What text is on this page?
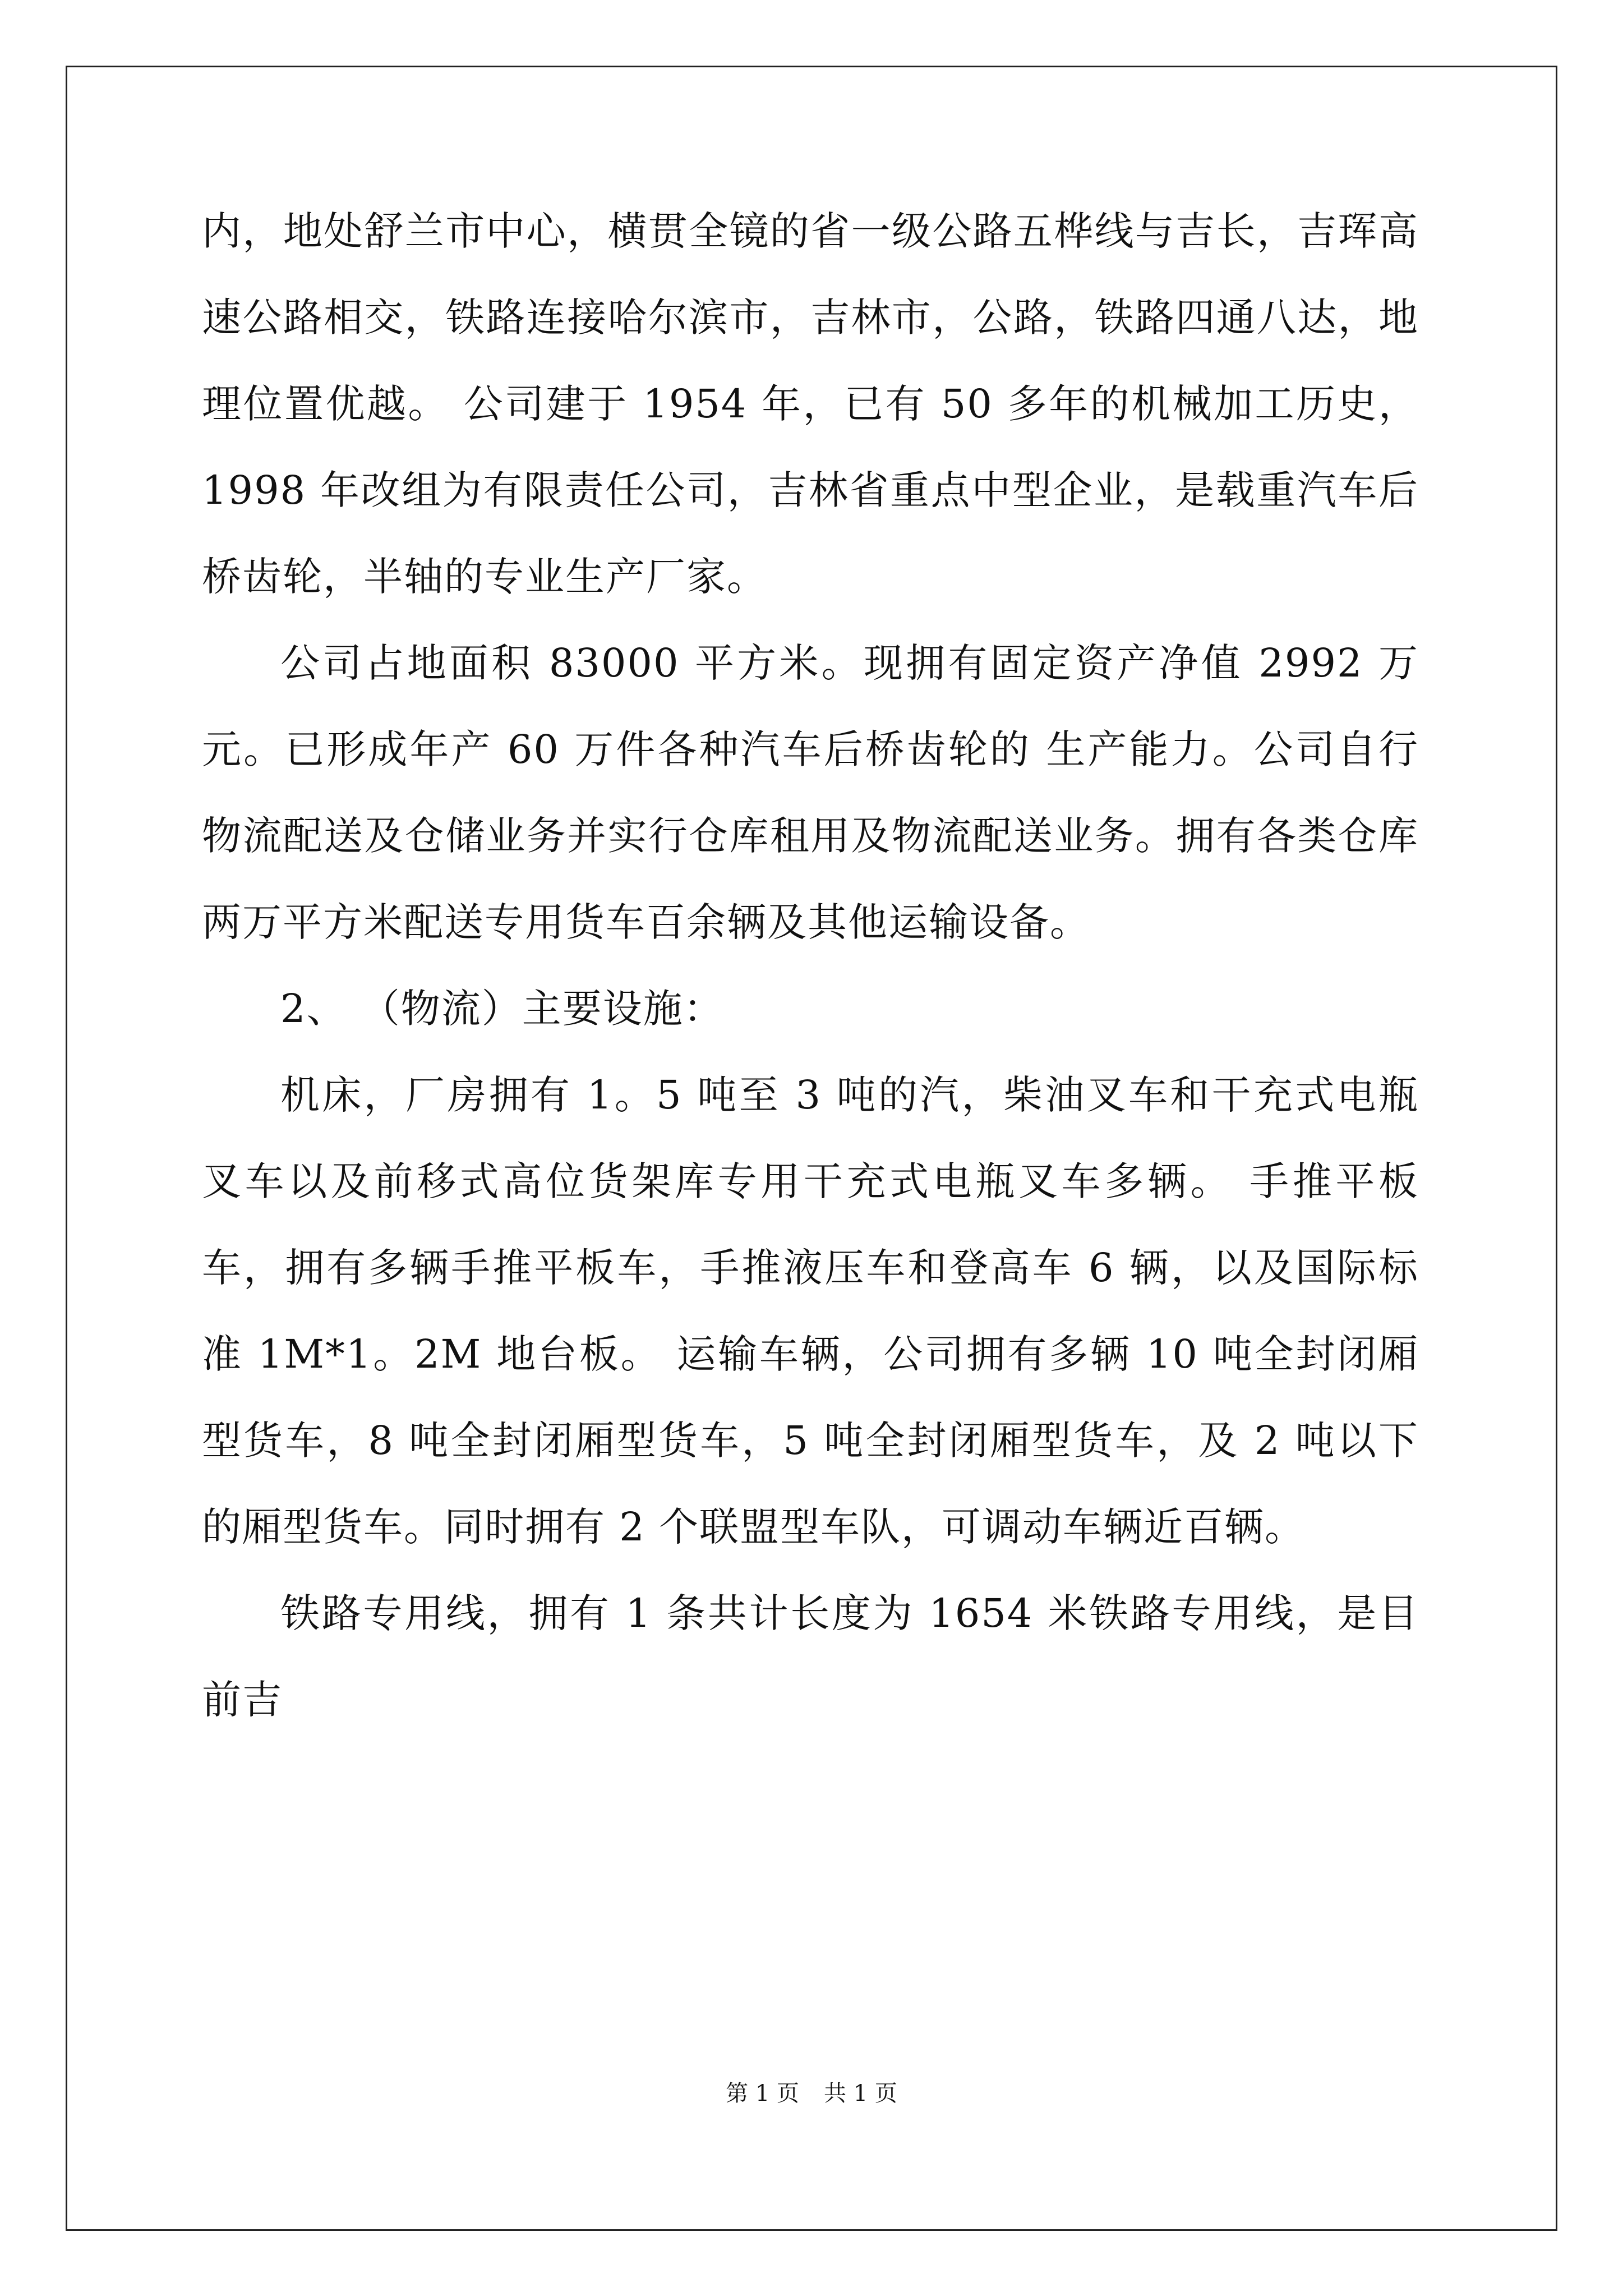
内，地处舒兰市中心，横贯全镜的省一级公路五桦线与吉长，吉珲高速公路相交，铁路连接哈尔滨市，吉林市，公路，铁路四通八达，地理位置优越。 公司建于 1954 年，已有 50 多年的机械加工历史，1998 年改组为有限责任公司，吉林省重点中型企业，是载重汽车后桥齿轮，半轴的专业生产厂家。

公司占地面积 83000 平方米。现拥有固定资产净值 2992 万元。已形成年产 60 万件各种汽车后桥齿轮的 生产能力。公司自行物流配送及仓储业务并实行仓库租用及物流配送业务。拥有各类仓库两万平方米配送专用货车百余辆及其他运输设备。

2、 （物流）主要设施：

机床，厂房拥有 1。5 吨至 3 吨的汽，柴油叉车和干充式电瓶叉车以及前移式高位货架库专用干充式电瓶叉车多辆。 手推平板车，拥有多辆手推平板车，手推液压车和登高车 6 辆，以及国际标准 1M*1。2M 地台板。 运输车辆，公司拥有多辆 10 吨全封闭厢型货车，8 吨全封闭厢型货车，5 吨全封闭厢型货车，及 2 吨以下的厢型货车。同时拥有 2 个联盟型车队，可调动车辆近百辆。

铁路专用线，拥有 1 条共计长度为 1654 米铁路专用线，是目前吉

第 1 页 共 1 页
